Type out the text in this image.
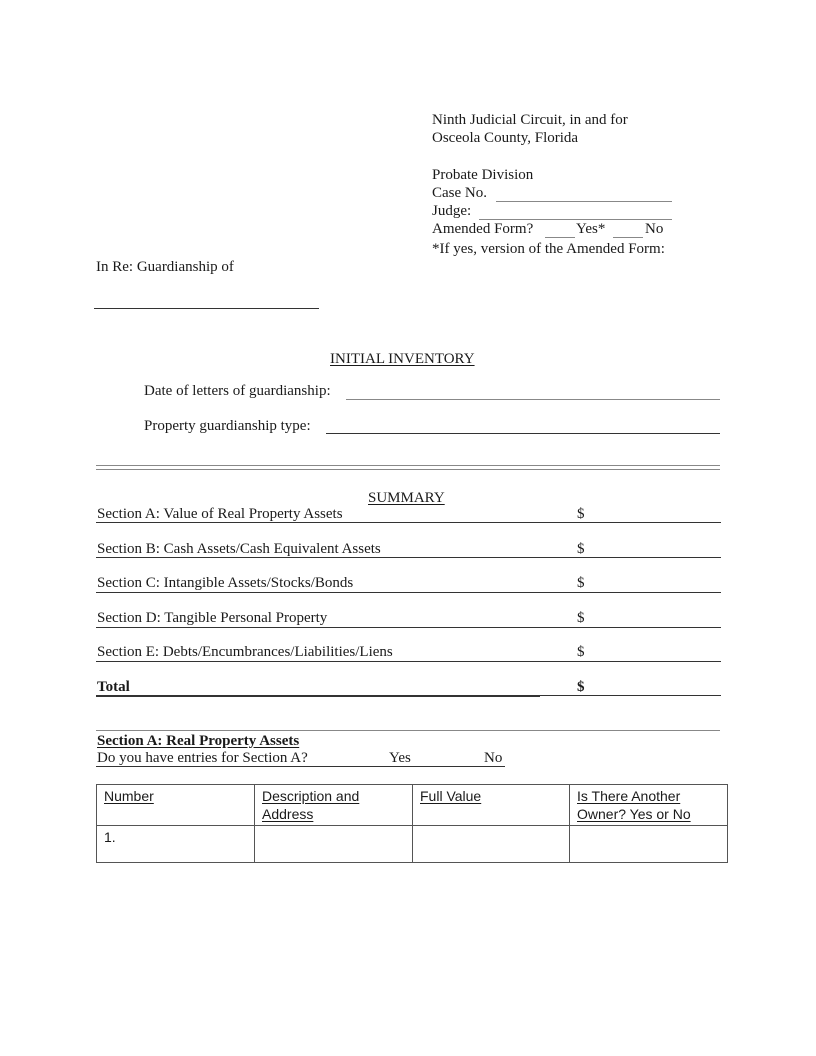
Ninth Judicial Circuit, in and for
Osceola County, Florida
Probate Division
Case No.
Judge:
Amended Form?	Yes*	No
*If yes, version of the Amended Form:
In Re: Guardianship of
INITIAL INVENTORY
Date of letters of guardianship:
Property guardianship type:
SUMMARY
Section A: Value of Real Property Assets	$
Section B: Cash Assets/Cash Equivalent Assets	$
Section C: Intangible Assets/Stocks/Bonds	$
Section D: Tangible Personal Property	$
Section E: Debts/Encumbrances/Liabilities/Liens	$
Total	$
Section A: Real Property Assets
Do you have entries for Section A?	Yes	No
Number	Description and Address	Full Value	Is There Another Owner? Yes or No
1.			
